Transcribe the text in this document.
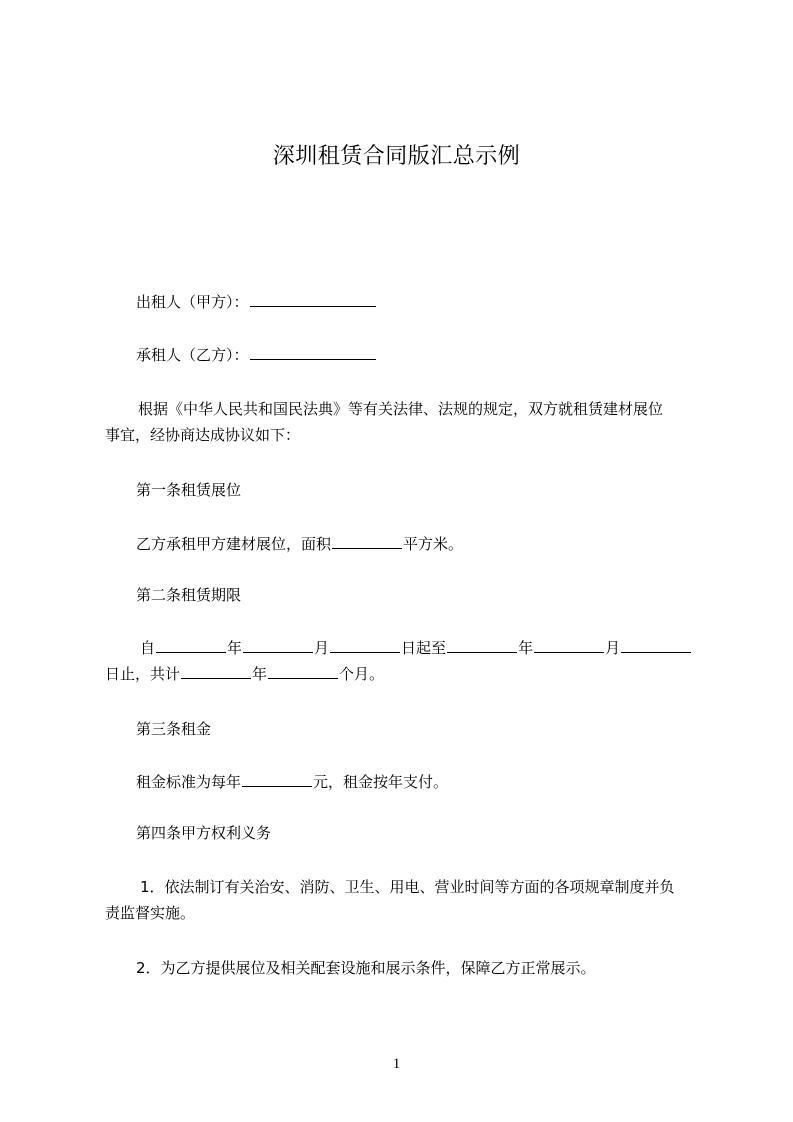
深圳租赁合同版汇总示例
出租人（甲方）：
承租人（乙方）：
根据《中华人民共和国民法典》等有关法律、法规的规定，双方就租赁建材展位
事宜，经协商达成协议如下：
第一条租赁展位
乙方承租甲方建材展位，面积	平方米。
第二条租赁期限
自	年	月	日起至	年	月
日止，共计	年	个月。
第三条租金
租金标准为每年	元，租金按年支付。
第四条甲方权利义务
1．依法制订有关治安、消防、卫生、用电、营业时间等方面的各项规章制度并负
责监督实施。
2．为乙方提供展位及相关配套设施和展示条件，保障乙方正常展示。
1
